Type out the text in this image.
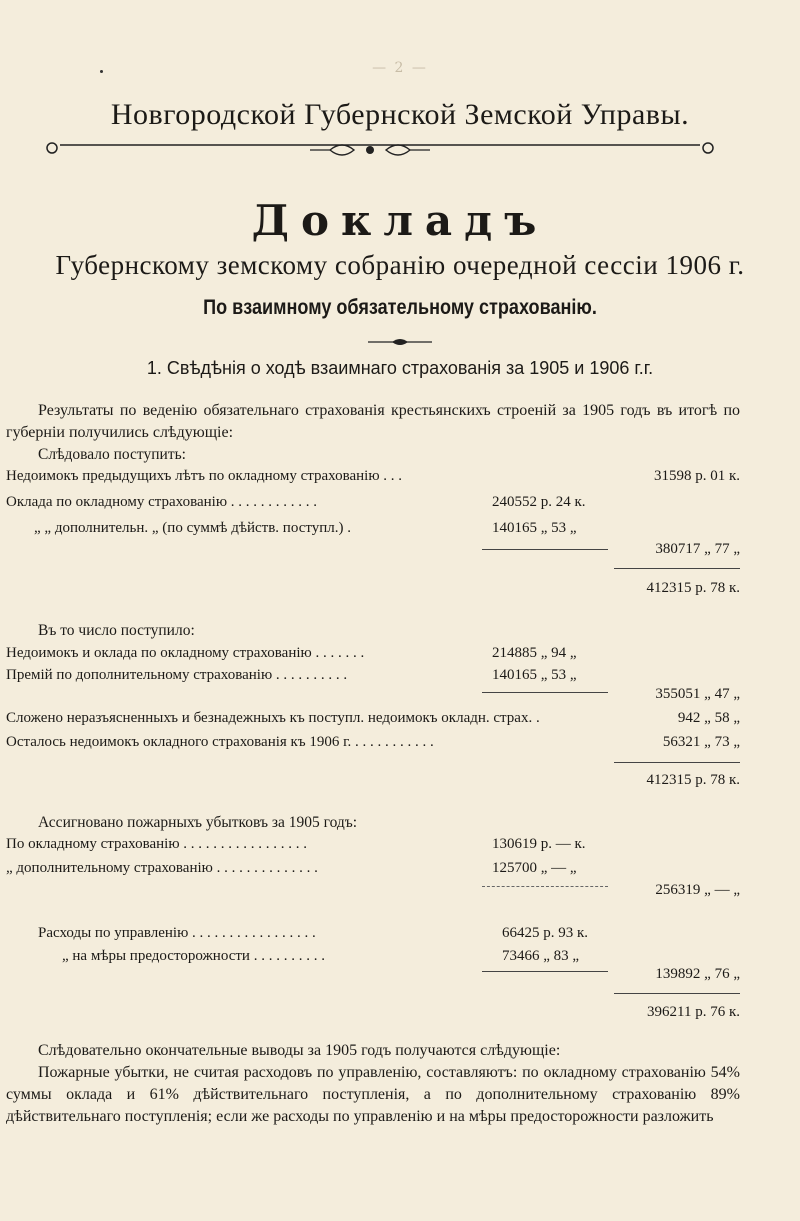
— 2 —
Новгородской Губернской Земской Управы.
Докладъ
Губернскому земскому собранію очередной сессіи 1906 г.
По взаимному обязательному страхованію.
1. Свѣдѣнія о ходѣ взаимнаго страхованія за 1905 и 1906 г.г.
Результаты по веденію обязательнаго страхованія крестьянскихъ строеній за 1905 годъ въ итогѣ по губерніи получились слѣдующіе:
Слѣдовало поступить:
Недоимокъ предыдущихъ лѣтъ по окладному страхованію . . .	31598 р. 01 к.
Оклада по окладному страхованію . . . . . . . . . . . .	240552 р. 24 к.
„ „ дополнительн. „ (по суммѣ дѣйств. поступл.) .	140165 „ 53 „
380717 „ 77 „
412315 р. 78 к.
Въ то число поступило:
Недоимокъ и оклада по окладному страхованію . . . . . . .	214885 „ 94 „
Премій по дополнительному страхованію . . . . . . . . . .	140165 „ 53 „
355051 „ 47 „
Сложено неразъясненныхъ и безнадежныхъ къ поступл. недоимокъ окладн. страх. .	942 „ 58 „
Осталось недоимокъ окладного страхованія къ 1906 г. . . . . . . . . . . .	56321 „ 73 „
412315 р. 78 к.
Ассигновано пожарныхъ убытковъ за 1905 годъ:
По окладному страхованію . . . . . . . . . . . . . . . . .	130619 р. — к.
„ дополнительному страхованію . . . . . . . . . . . . . .	125700 „ — „
256319 „ — „
Расходы по управленію . . . . . . . . . . . . . . . . .	66425 р. 93 к.
„ на мѣры предосторожности . . . . . . . . . .	73466 „ 83 „
139892 „ 76 „
396211 р. 76 к.
Слѣдовательно окончательные выводы за 1905 годъ получаются слѣдующіе:
Пожарные убытки, не считая расходовъ по управленію, составляютъ: по окладному страхованію 54% суммы оклада и 61% дѣйствительнаго поступленія, а по дополнительному страхованію 89% дѣйствительнаго поступленія; если же расходы по управленію и на мѣры предосторожности разложить
